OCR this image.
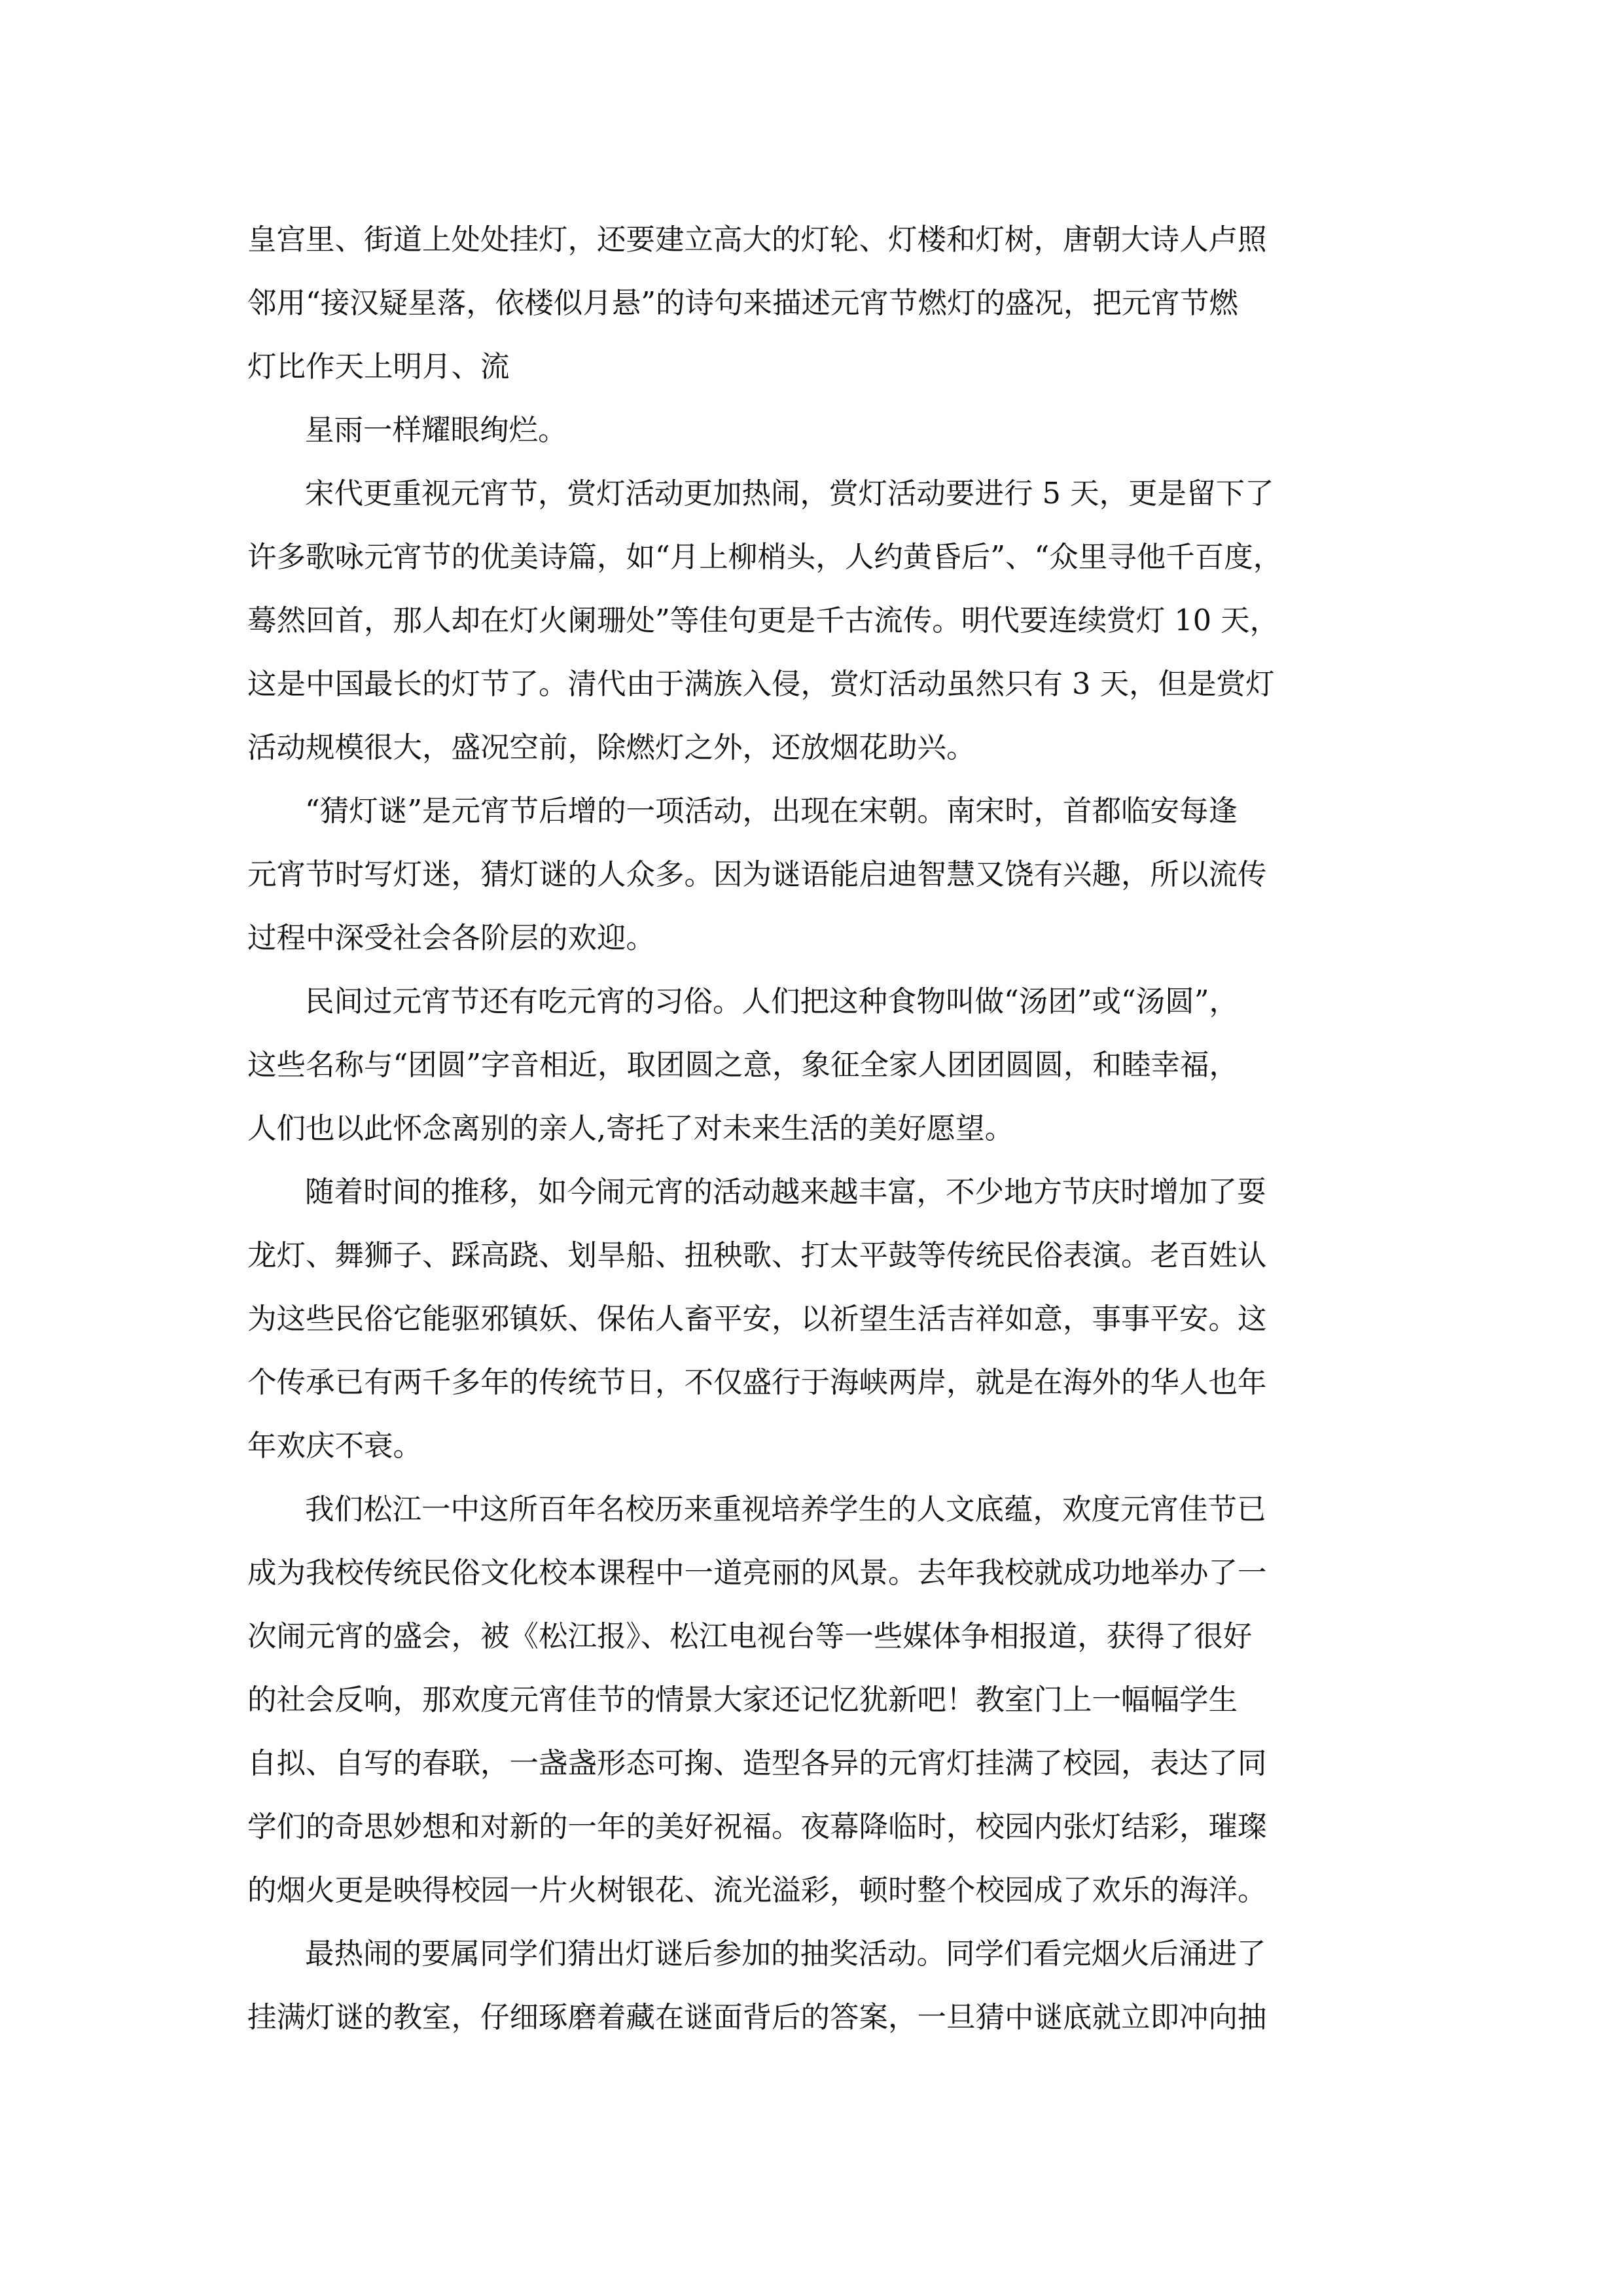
皇宫里、街道上处处挂灯，还要建立高大的灯轮、灯楼和灯树，唐朝大诗人卢照
邻用“接汉疑星落，依楼似月悬”的诗句来描述元宵节燃灯的盛况，把元宵节燃
灯比作天上明月、流
星雨一样耀眼绚烂。
宋代更重视元宵节，赏灯活动更加热闹，赏灯活动要进行 5 天，更是留下了
许多歌咏元宵节的优美诗篇，如“月上柳梢头，人约黄昏后”、“众里寻他千百度，
蓦然回首，那人却在灯火阑珊处”等佳句更是千古流传。明代要连续赏灯 10 天，
这是中国最长的灯节了。清代由于满族入侵，赏灯活动虽然只有 3 天，但是赏灯
活动规模很大，盛况空前，除燃灯之外，还放烟花助兴。
“猜灯谜”是元宵节后增的一项活动，出现在宋朝。南宋时，首都临安每逢
元宵节时写灯迷，猜灯谜的人众多。因为谜语能启迪智慧又饶有兴趣，所以流传
过程中深受社会各阶层的欢迎。
民间过元宵节还有吃元宵的习俗。人们把这种食物叫做“汤团”或“汤圆”，
这些名称与“团圆”字音相近，取团圆之意，象征全家人团团圆圆，和睦幸福，
人们也以此怀念离别的亲人,寄托了对未来生活的美好愿望。
随着时间的推移，如今闹元宵的活动越来越丰富，不少地方节庆时增加了耍
龙灯、舞狮子、踩高跷、划旱船、扭秧歌、打太平鼓等传统民俗表演。老百姓认
为这些民俗它能驱邪镇妖、保佑人畜平安，以祈望生活吉祥如意，事事平安。这
个传承已有两千多年的传统节日，不仅盛行于海峡两岸，就是在海外的华人也年
年欢庆不衰。
我们松江一中这所百年名校历来重视培养学生的人文底蕴，欢度元宵佳节已
成为我校传统民俗文化校本课程中一道亮丽的风景。去年我校就成功地举办了一
次闹元宵的盛会，被《松江报》、松江电视台等一些媒体争相报道，获得了很好
的社会反响，那欢度元宵佳节的情景大家还记忆犹新吧！教室门上一幅幅学生
自拟、自写的春联，一盏盏形态可掬、造型各异的元宵灯挂满了校园，表达了同
学们的奇思妙想和对新的一年的美好祝福。夜幕降临时，校园内张灯结彩，璀璨
的烟火更是映得校园一片火树银花、流光溢彩，顿时整个校园成了欢乐的海洋。
最热闹的要属同学们猜出灯谜后参加的抽奖活动。同学们看完烟火后涌进了
挂满灯谜的教室，仔细琢磨着藏在谜面背后的答案，一旦猜中谜底就立即冲向抽
